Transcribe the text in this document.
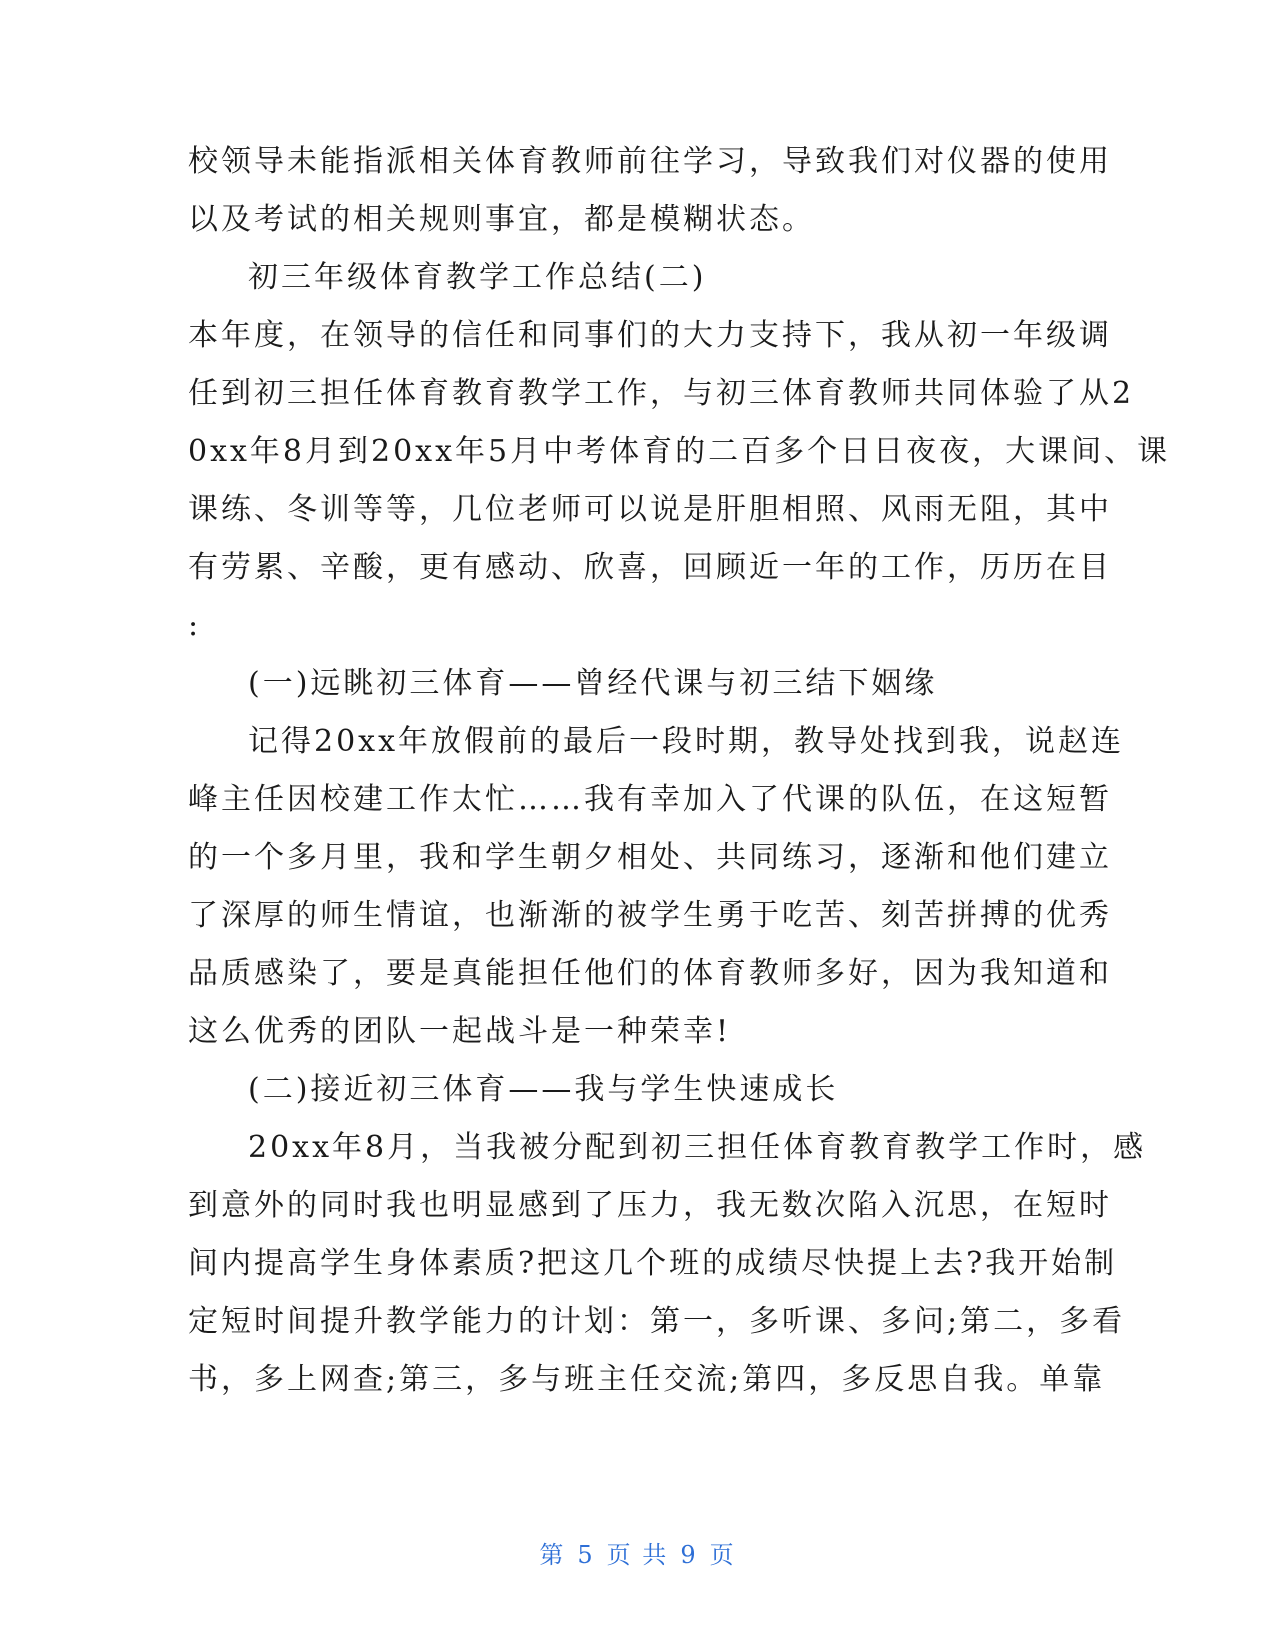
校领导未能指派相关体育教师前往学习，导致我们对仪器的使用
以及考试的相关规则事宜，都是模糊状态。
初三年级体育教学工作总结(二)
本年度，在领导的信任和同事们的大力支持下，我从初一年级调
任到初三担任体育教育教学工作，与初三体育教师共同体验了从2
0xx年8月到20xx年5月中考体育的二百多个日日夜夜，大课间、课
课练、冬训等等，几位老师可以说是肝胆相照、风雨无阻，其中
有劳累、辛酸，更有感动、欣喜，回顾近一年的工作，历历在目
:
(一)远眺初三体育——曾经代课与初三结下姻缘
记得20xx年放假前的最后一段时期，教导处找到我，说赵连
峰主任因校建工作太忙……我有幸加入了代课的队伍，在这短暂
的一个多月里，我和学生朝夕相处、共同练习，逐渐和他们建立
了深厚的师生情谊，也渐渐的被学生勇于吃苦、刻苦拼搏的优秀
品质感染了，要是真能担任他们的体育教师多好，因为我知道和
这么优秀的团队一起战斗是一种荣幸!
(二)接近初三体育——我与学生快速成长
20xx年8月，当我被分配到初三担任体育教育教学工作时，感
到意外的同时我也明显感到了压力，我无数次陷入沉思，在短时
间内提高学生身体素质?把这几个班的成绩尽快提上去?我开始制
定短时间提升教学能力的计划：第一，多听课、多问;第二，多看
书，多上网查;第三，多与班主任交流;第四，多反思自我。单靠
第 5 页 共 9 页
